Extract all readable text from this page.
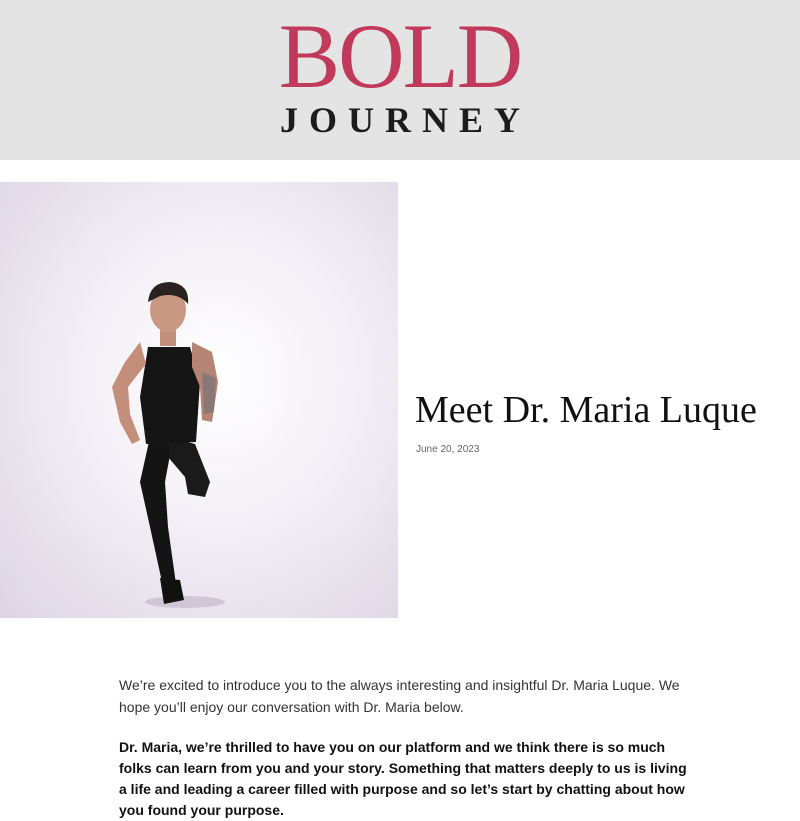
BOLD
JOURNEY
Meet Dr. Maria Luque
June 20, 2023

We’re excited to introduce you to the always interesting and insightful Dr. Maria Luque. We hope you’ll enjoy our conversation with Dr. Maria below.

Dr. Maria, we’re thrilled to have you on our platform and we think there is so much folks can learn from you and your story. Something that matters deeply to us is living a life and leading a career filled with purpose and so let’s start by chatting about how you found your purpose.
